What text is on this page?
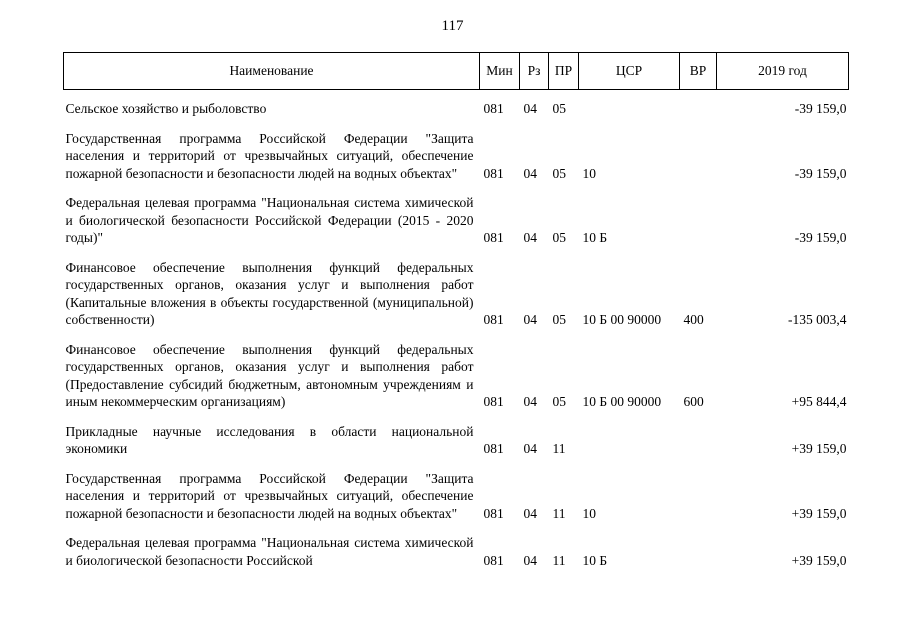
117
Наименование	Мин	Рз	ПР	ЦСР	ВР	2019 год
Сельское хозяйство и рыболовство	081	04	05			-39 159,0
Государственная программа Российской Федерации "Защита населения и территорий от чрезвычайных ситуаций, обеспечение пожарной безопасности и безопасности людей на водных объектах"	081	04	05	10		-39 159,0
Федеральная целевая программа "Национальная система химической и биологической безопасности Российской Федерации (2015 - 2020 годы)"	081	04	05	10 Б		-39 159,0
Финансовое обеспечение выполнения функций федеральных государственных органов, оказания услуг и выполнения работ (Капитальные вложения в объекты государственной (муниципальной) собственности)	081	04	05	10 Б 00 90000	400	-135 003,4
Финансовое обеспечение выполнения функций федеральных государственных органов, оказания услуг и выполнения работ (Предоставление субсидий бюджетным, автономным учреждениям и иным некоммерческим организациям)	081	04	05	10 Б 00 90000	600	+95 844,4
Прикладные научные исследования в области национальной экономики	081	04	11			+39 159,0
Государственная программа Российской Федерации "Защита населения и территорий от чрезвычайных ситуаций, обеспечение пожарной безопасности и безопасности людей на водных объектах"	081	04	11	10		+39 159,0
Федеральная целевая программа "Национальная система химической и биологической безопасности Российской	081	04	11	10 Б		+39 159,0
